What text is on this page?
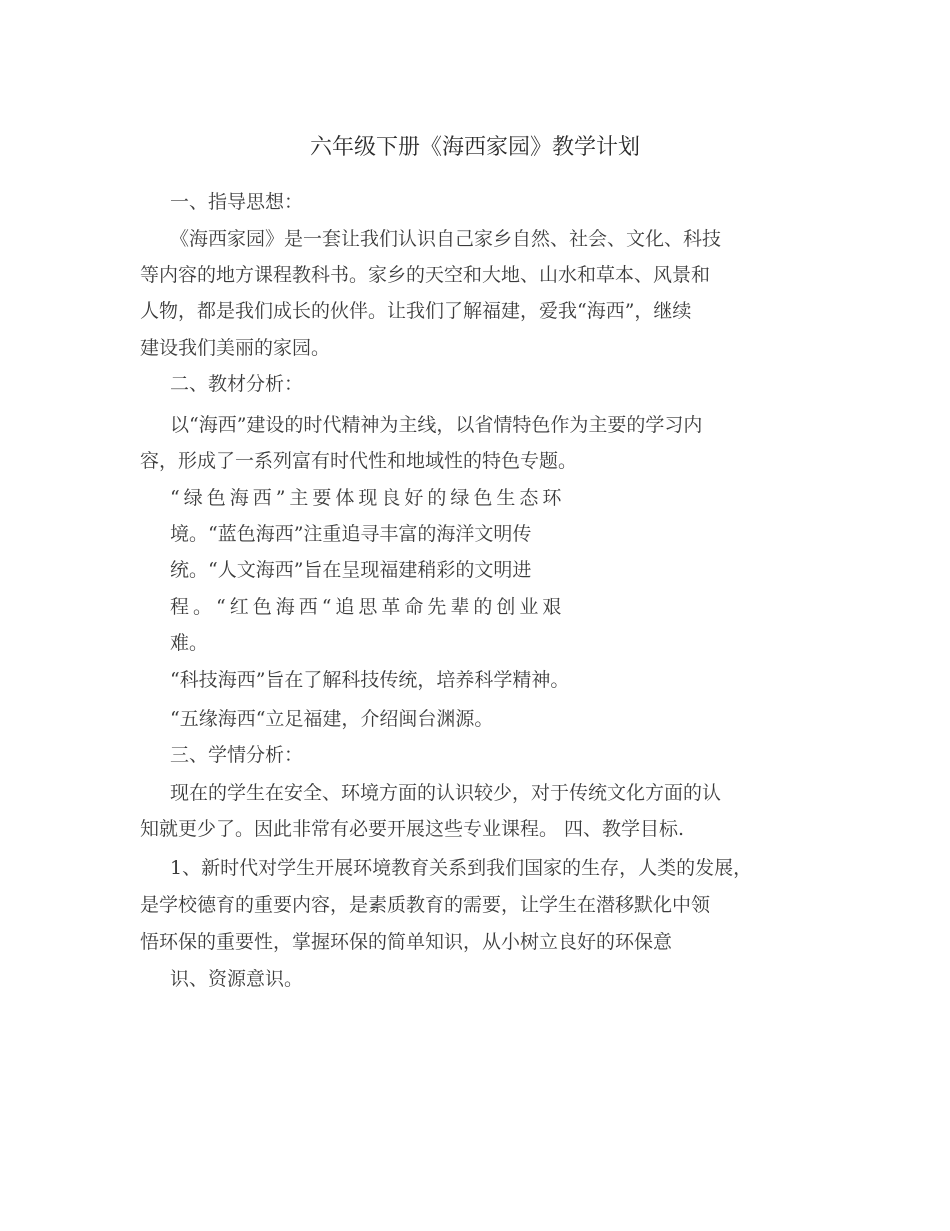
六年级下册《海西家园》教学计划
一、指导思想：
《海西家园》是一套让我们认识自己家乡自然、社会、文化、科技
等内容的地方课程教科书。家乡的天空和大地、山水和草本、风景和
人物，都是我们成长的伙伴。让我们了解福建，爱我“海西”，继续
建设我们美丽的家园。
二、教材分析：
以“海西”建设的时代精神为主线，以省情特色作为主要的学习内
容，形成了一系列富有时代性和地域性的特色专题。
“绿色海西”主要体现良好的绿色生态环
境。“蓝色海西”注重追寻丰富的海洋文明传
统。“人文海西”旨在呈现福建稍彩的文明进
程。“红色海西“追思革命先辈的创业艰
难。
“科技海西”旨在了解科技传统，培养科学精神。
“五缘海西“立足福建，介绍闽台渊源。
三、学情分析：
现在的学生在安全、环境方面的认识较少，对于传统文化方面的认
知就更少了。因此非常有必要开展这些专业课程。 四、教学目标.
1、新时代对学生开展环境教育关系到我们国家的生存，人类的发展，
是学校德育的重要内容，是素质教育的需要，让学生在潜移默化中领
悟环保的重要性，掌握环保的简单知识，从小树立良好的环保意
识、资源意识。
